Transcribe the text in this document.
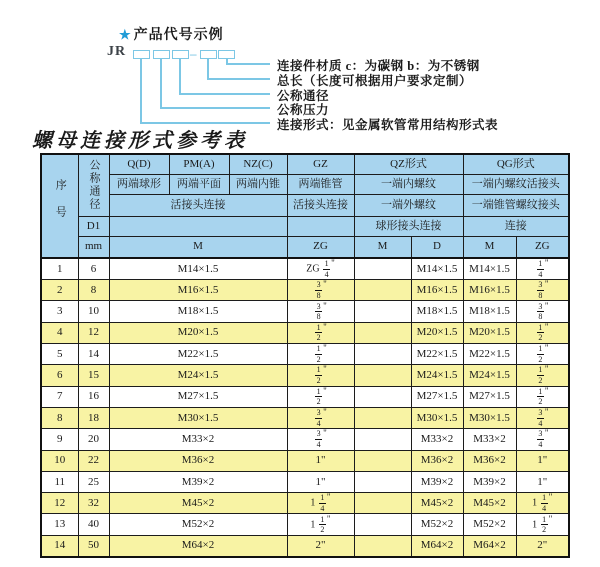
★ 产品代号示例
JR	–
连接件材质 c：为碳钢 b：为不锈钢
总长（长度可根据用户要求定制）
公称通径
公称压力
连接形式：见金属软管常用结构形式表
螺母连接形式参考表
序号	公称通径	Q(D)	PM(A)	NZ(C)	GZ	QZ形式		QG形式	
		两端球形	两端平面	两端内锥	两端锥管	一端内螺纹		一端内螺纹活接头	
		活接头连接			活接头连接	一端外螺纹		一端锥管螺纹接头	
	D1					球形接头连接		连接	
	mm	M			ZG	M	D	M	ZG
1	6	M14×1.5			ZG $\frac{1}{4} ^"$		M14×1.5	M14×1.5	$\frac{1}{4} ^"$
2	8	M16×1.5			$\frac{3}{8} ^"$		M16×1.5	M16×1.5	$\frac{3}{8} ^"$
3	10	M18×1.5			$\frac{3}{8} ^"$		M18×1.5	M18×1.5	$\frac{3}{8} ^"$
4	12	M20×1.5			$\frac{1}{2} ^"$		M20×1.5	M20×1.5	$\frac{1}{2} ^"$
5	14	M22×1.5			$\frac{1}{2} ^"$		M22×1.5	M22×1.5	$\frac{1}{2} ^"$
6	15	M24×1.5			$\frac{1}{2} ^"$		M24×1.5	M24×1.5	$\frac{1}{2} ^"$
7	16	M27×1.5			$\frac{1}{2} ^"$		M27×1.5	M27×1.5	$\frac{1}{2} ^"$
8	18	M30×1.5			$\frac{3}{4} ^"$		M30×1.5	M30×1.5	$\frac{3}{4} ^"$
9	20	M33×2			$\frac{3}{4} ^"$		M33×2	M33×2	$\frac{3}{4} ^"$
10	22	M36×2			1"		M36×2	M36×2	1"
11	25	M39×2			1"		M39×2	M39×2	1"
12	32	M45×2			$1 \frac{1}{4} ^"$		M45×2	M45×2	$1 \frac{1}{4} ^"$
13	40	M52×2			$1 \frac{1}{2} ^"$		M52×2	M52×2	$1 \frac{1}{2} ^"$
14	50	M64×2			2"		M64×2	M64×2	2"
